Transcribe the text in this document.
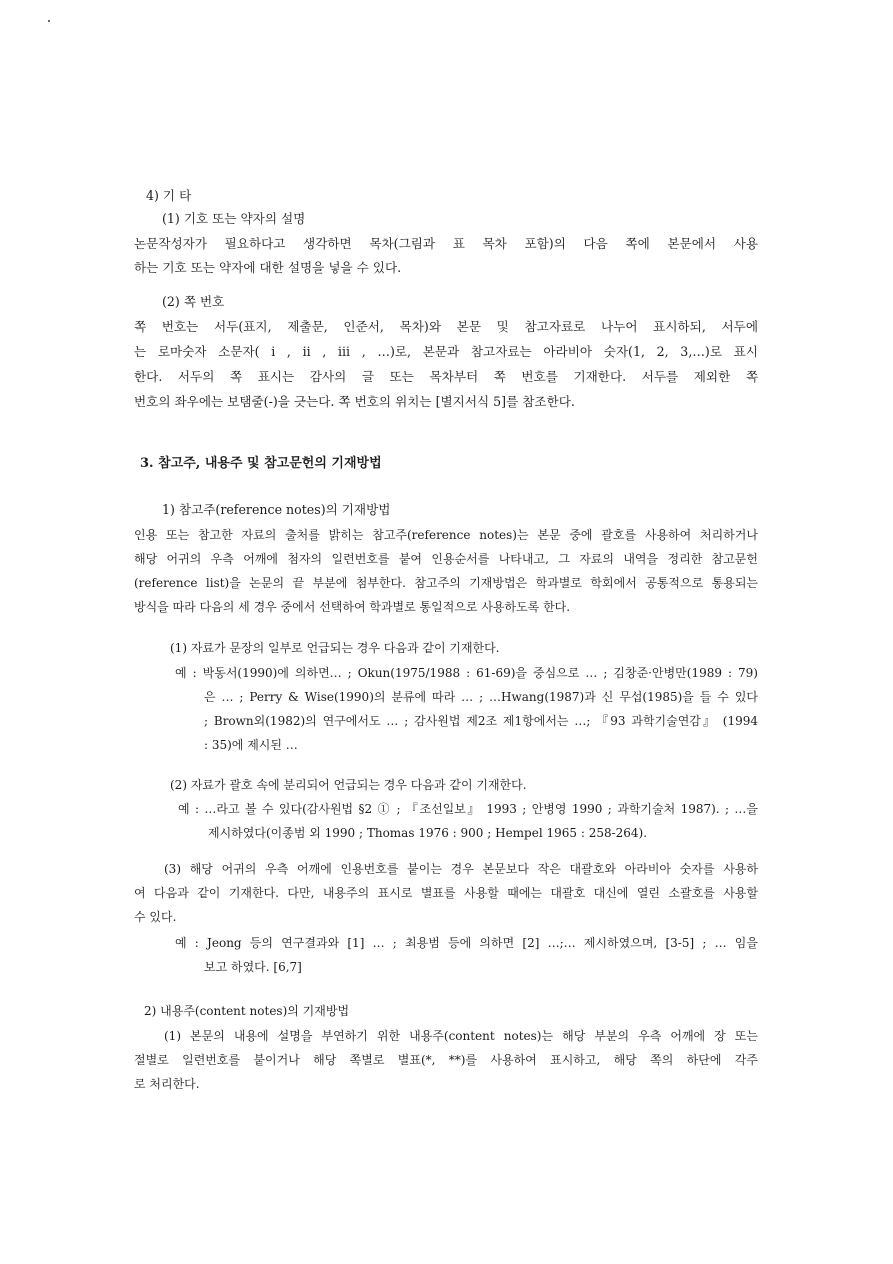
4) 기 타
(1) 기호 또는 약자의 설명
논문작성자가 필요하다고 생각하면 목차(그림과 표 목차 포함)의 다음 쪽에 본문에서 사용
하는 기호 또는 약자에 대한 설명을 넣을 수 있다.
(2) 쪽 번호
쪽 번호는 서두(표지, 제출문, 인준서, 목차)와 본문 및 참고자료로 나누어 표시하되, 서두에
는 로마숫자 소문자( i , ii , iii , …)로, 본문과 참고자료는 아라비아 숫자(1, 2, 3,…)로 표시
한다. 서두의 쪽 표시는 감사의 글 또는 목차부터 쪽 번호를 기재한다. 서두를 제외한 쪽
번호의 좌우에는 보탬줄(-)을 긋는다. 쪽 번호의 위치는 [별지서식 5]를 참조한다.
3. 참고주, 내용주 및 참고문헌의 기재방법
1) 참고주(reference notes)의 기재방법
인용 또는 참고한 자료의 출처를 밝히는 참고주(reference notes)는 본문 중에 괄호를 사용하여 처리하거나
해당 어귀의 우측 어깨에 첨자의 일련번호를 붙여 인용순서를 나타내고, 그 자료의 내역을 정리한 참고문헌
(reference list)을 논문의 끝 부분에 첨부한다. 참고주의 기재방법은 학과별로 학회에서 공통적으로 통용되는
방식을 따라 다음의 세 경우 중에서 선택하여 학과별로 통일적으로 사용하도록 한다.
(1) 자료가 문장의 일부로 언급되는 경우 다음과 같이 기재한다.
예 : 박동서(1990)에 의하면… ; Okun(1975/1988 : 61-69)을 중심으로 … ; 김창준·안병만(1989 : 79)
은 … ; Perry & Wise(1990)의 분류에 따라 … ; …Hwang(1987)과 신 무섭(1985)을 들 수 있다
; Brown외(1982)의 연구에서도 … ; 감사원법 제2조 제1항에서는 …; 『93 과학기술연감』 (1994
: 35)에 제시된 …
(2) 자료가 괄호 속에 분리되어 언급되는 경우 다음과 같이 기재한다.
예 : …라고 볼 수 있다(감사원법 §2 ① ; 『조선일보』 1993 ; 안병영 1990 ; 과학기술처 1987). ; …을
제시하였다(이종범 외 1990 ; Thomas 1976 : 900 ; Hempel 1965 : 258-264).
(3) 해당 어귀의 우측 어깨에 인용번호를 붙이는 경우 본문보다 작은 대괄호와 아라비아 숫자를 사용하
여 다음과 같이 기재한다. 다만, 내용주의 표시로 별표를 사용할 때에는 대괄호 대신에 열린 소괄호를 사용할
수 있다.
예 : Jeong 등의 연구결과와 [1] … ; 최용범 등에 의하면 [2] …;… 제시하였으며, [3-5] ; … 임을
보고 하였다. [6,7]
2) 내용주(content notes)의 기재방법
(1) 본문의 내용에 설명을 부연하기 위한 내용주(content notes)는 해당 부분의 우측 어깨에 장 또는
절별로 일련번호를 붙이거나 해당 쪽별로 별표(*, **)를 사용하여 표시하고, 해당 쪽의 하단에 각주
로 처리한다.
